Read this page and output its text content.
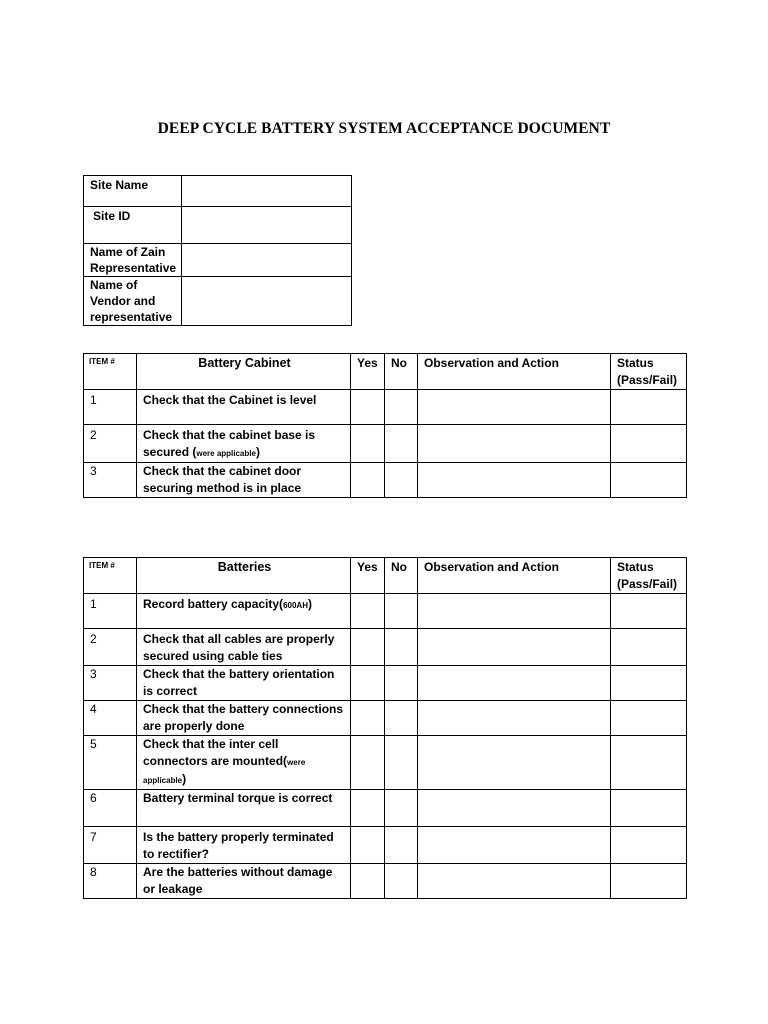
DEEP CYCLE BATTERY SYSTEM ACCEPTANCE DOCUMENT
Site Name	
Site ID	
Name of Zain Representative	
Name of Vendor and representative	
ITEM #	Battery Cabinet	Yes	No	Observation and Action	Status (Pass/Fail)
1	Check that the Cabinet is level				
2	Check that the cabinet base is secured (were applicable)				
3	Check that the cabinet door securing method is in place				
ITEM #	Batteries	Yes	No	Observation and Action	Status (Pass/Fail)
1	Record battery capacity(600AH)				
2	Check that all cables are properly secured using cable ties				
3	Check that the battery orientation is correct				
4	Check that the battery connections are properly done				
5	Check that the inter cell connectors are mounted(were applicable)				
6	Battery terminal torque is correct				
7	Is the battery properly terminated to rectifier?				
8	Are the batteries without damage or leakage				
